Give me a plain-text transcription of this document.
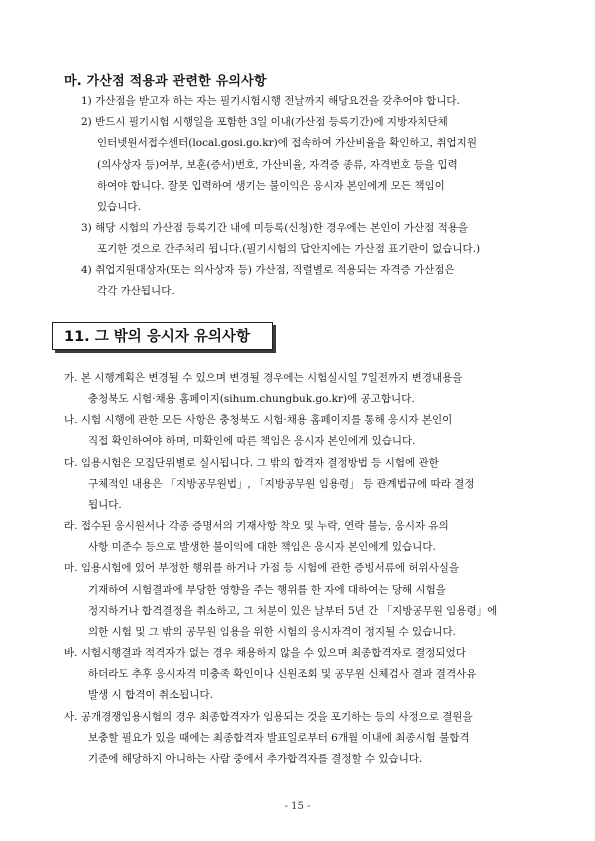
마. 가산점 적용과 관련한 유의사항
1) 가산점을 받고자 하는 자는 필기시험시행 전날까지 해당요건을 갖추어야 합니다.
2) 반드시 필기시험 시행일을 포함한 3일 이내(가산점 등록기간)에 지방자치단체
인터넷원서접수센터(local.gosi.go.kr)에 접속하여 가산비율을 확인하고, 취업지원
(의사상자 등)여부, 보훈(증서)번호, 가산비율, 자격증 종류, 자격번호 등을 입력
하여야 합니다. 잘못 입력하여 생기는 불이익은 응시자 본인에게 모든 책임이
있습니다.
3) 해당 시험의 가산점 등록기간 내에 미등록(신청)한 경우에는 본인이 가산점 적용을
포기한 것으로 간주처리 됩니다.(필기시험의 답안지에는 가산점 표기란이 없습니다.)
4) 취업지원대상자(또는 의사상자 등) 가산점, 직렬별로 적용되는 자격증 가산점은
각각 가산됩니다.
11. 그 밖의 응시자 유의사항
가. 본 시행계획은 변경될 수 있으며 변경될 경우에는 시험실시일 7일전까지 변경내용을
충청북도 시험·채용 홈페이지(sihum.chungbuk.go.kr)에 공고합니다.
나. 시험 시행에 관한 모든 사항은 충청북도 시험·채용 홈페이지를 통해 응시자 본인이
직접 확인하여야 하며, 미확인에 따른 책임은 응시자 본인에게 있습니다.
다. 임용시험은 모집단위별로 실시됩니다. 그 밖의 합격자 결정방법 등 시험에 관한
구체적인 내용은 「지방공무원법」, 「지방공무원 임용령」 등 관계법규에 따라 결정
됩니다.
라. 접수된 응시원서나 각종 증명서의 기재사항 착오 및 누락, 연락 불능, 응시자 유의
사항 미준수 등으로 발생한 불이익에 대한 책임은 응시자 본인에게 있습니다.
마. 임용시험에 있어 부정한 행위를 하거나 가점 등 시험에 관한 증빙서류에 허위사실을
기재하여 시험결과에 부당한 영향을 주는 행위를 한 자에 대하여는 당해 시험을
정지하거나 합격결정을 취소하고, 그 처분이 있은 날부터 5년 간 「지방공무원 임용령」에
의한 시험 및 그 밖의 공무원 임용을 위한 시험의 응시자격이 정지될 수 있습니다.
바. 시험시행결과 적격자가 없는 경우 채용하지 않을 수 있으며 최종합격자로 결정되었다
하더라도 추후 응시자격 미충족 확인이나 신원조회 및 공무원 신체검사 결과 결격사유
발생 시 합격이 취소됩니다.
사. 공개경쟁임용시험의 경우 최종합격자가 임용되는 것을 포기하는 등의 사정으로 결원을
보충할 필요가 있을 때에는 최종합격자 발표일로부터 6개월 이내에 최종시험 불합격
기준에 해당하지 아니하는 사람 중에서 추가합격자를 결정할 수 있습니다.
- 15 -
